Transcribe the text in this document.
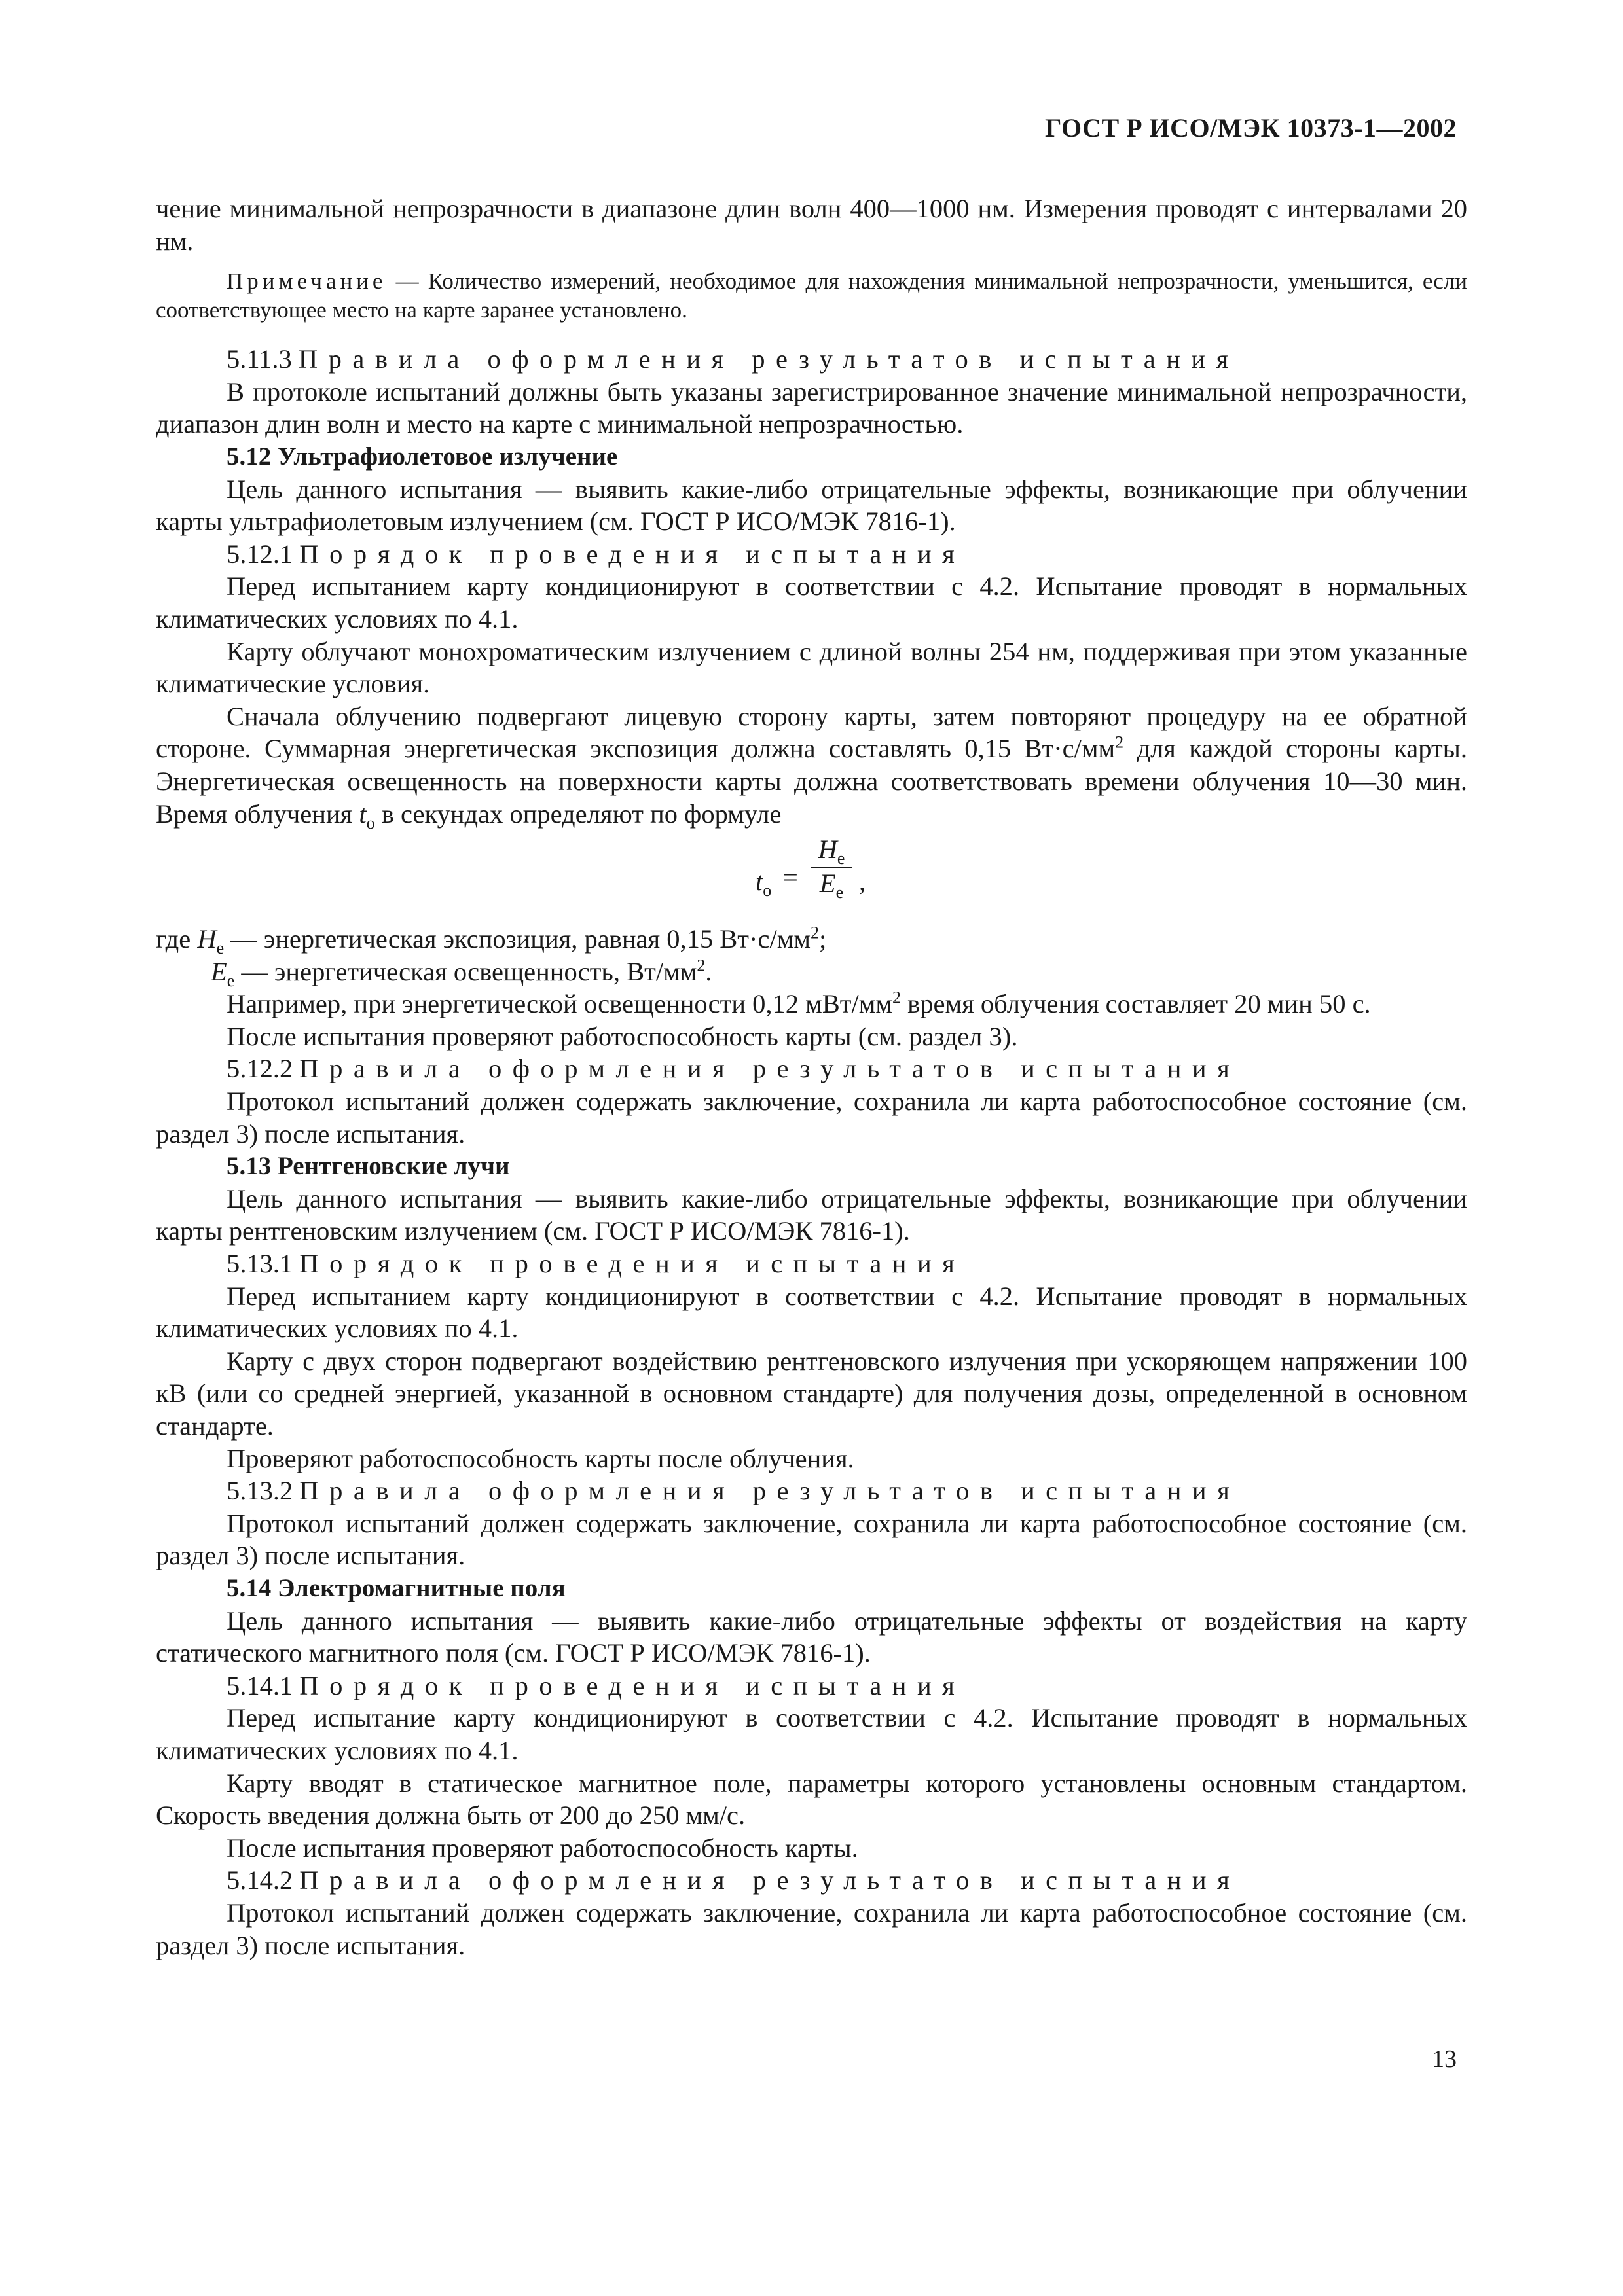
ГОСТ Р ИСО/МЭК 10373-1—2002

чение минимальной непрозрачности в диапазоне длин волн 400—1000 нм. Измерения проводят с интервалами 20 нм.

Примечание — Количество измерений, необходимое для нахождения минимальной непрозрачности, уменьшится, если соответствующее место на карте заранее установлено.

5.11.3 Правила оформления результатов испытания

В протоколе испытаний должны быть указаны зарегистрированное значение минимальной непрозрачности, диапазон длин волн и место на карте с минимальной непрозрачностью.

5.12 Ультрафиолетовое излучение

Цель данного испытания — выявить какие-либо отрицательные эффекты, возникающие при облучении карты ультрафиолетовым излучением (см. ГОСТ Р ИСО/МЭК 7816-1).

5.12.1 Порядок проведения испытания

Перед испытанием карту кондиционируют в соответствии с 4.2. Испытание проводят в нормальных климатических условиях по 4.1.

Карту облучают монохроматическим излучением с длиной волны 254 нм, поддерживая при этом указанные климатические условия.

Сначала облучению подвергают лицевую сторону карты, затем повторяют процедуру на ее обратной стороне. Суммарная энергетическая экспозиция должна составлять 0,15 $Вт\cdot с/мм^2$ для каждой стороны карты. Энергетическая освещенность на поверхности карты должна соответствовать времени облучения 10—30 мин. Время облучения $t_o$ в секундах определяют по формуле

$t_o$ =
$H_e$
$E_e$ ,

где $H_e$ — энергетическая экспозиция, равная 0,15 $Вт\cdot с/мм^2$;

$E_e$ — энергетическая освещенность, $Вт/мм^2$.

Например, при энергетической освещенности 0,12 мВт/$мм^2$ время облучения составляет 20 мин 50 с.

После испытания проверяют работоспособность карты (см. раздел 3).

5.12.2 Правила оформления результатов испытания

Протокол испытаний должен содержать заключение, сохранила ли карта работоспособное состояние (см. раздел 3) после испытания.

5.13 Рентгеновские лучи

Цель данного испытания — выявить какие-либо отрицательные эффекты, возникающие при облучении карты рентгеновским излучением (см. ГОСТ Р ИСО/МЭК 7816-1).

5.13.1 Порядок проведения испытания

Перед испытанием карту кондиционируют в соответствии с 4.2. Испытание проводят в нормальных климатических условиях по 4.1.

Карту с двух сторон подвергают воздействию рентгеновского излучения при ускоряющем напряжении 100 кВ (или со средней энергией, указанной в основном стандарте) для получения дозы, определенной в основном стандарте.

Проверяют работоспособность карты после облучения.

5.13.2 Правила оформления результатов испытания

Протокол испытаний должен содержать заключение, сохранила ли карта работоспособное состояние (см. раздел 3) после испытания.

5.14 Электромагнитные поля

Цель данного испытания — выявить какие-либо отрицательные эффекты от воздействия на карту статического магнитного поля (см. ГОСТ Р ИСО/МЭК 7816-1).

5.14.1 Порядок проведения испытания

Перед испытание карту кондиционируют в соответствии с 4.2. Испытание проводят в нормальных климатических условиях по 4.1.

Карту вводят в статическое магнитное поле, параметры которого установлены основным стандартом. Скорость введения должна быть от 200 до 250 мм/с.

После испытания проверяют работоспособность карты.

5.14.2 Правила оформления результатов испытания

Протокол испытаний должен содержать заключение, сохранила ли карта работоспособное состояние (см. раздел 3) после испытания.

13
